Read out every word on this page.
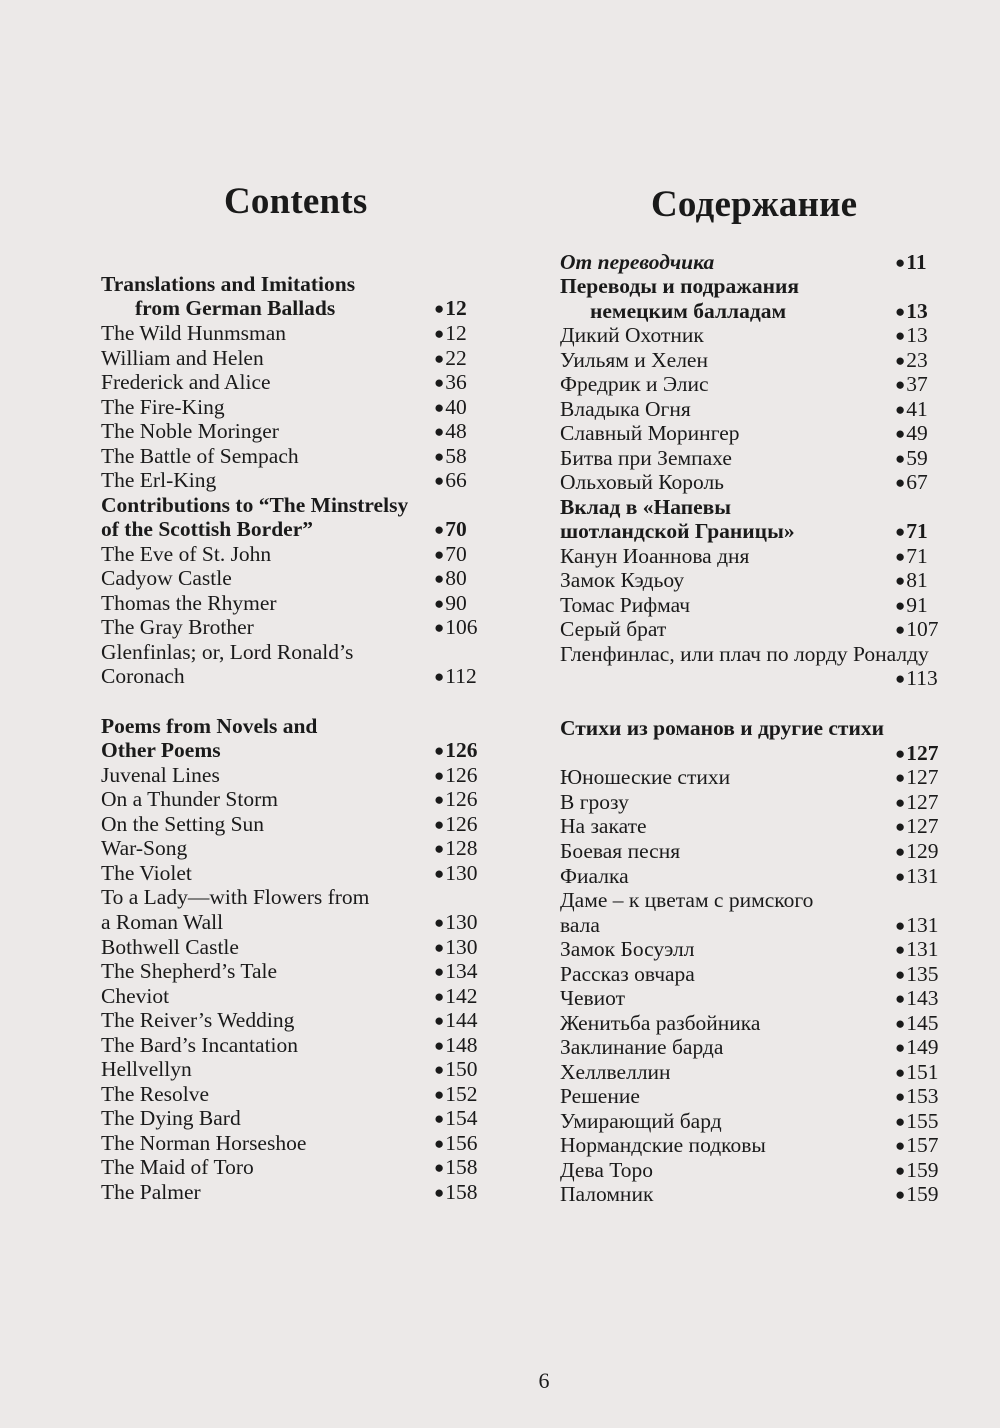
Contents	Содержание
Translations and Imitations
from German Ballads	●12
The Wild Hunmsman	●12
William and Helen	●22
Frederick and Alice	●36
The Fire-King	●40
The Noble Moringer	●48
The Battle of Sempach	●58
The Erl-King	●66
Contributions to “The Minstrelsy
of the Scottish Border”	●70
The Eve of St. John	●70
Cadyow Castle	●80
Thomas the Rhymer	●90
The Gray Brother	●106
Glenfinlas; or, Lord Ronald’s
Coronach	●112
Poems from Novels and
Other Poems	●126
Juvenal Lines	●126
On a Thunder Storm	●126
On the Setting Sun	●126
War-Song	●128
The Violet	●130
To a Lady—with Flowers from
a Roman Wall	●130
Bothwell Castle	●130
The Shepherd’s Tale	●134
Cheviot	●142
The Reiver’s Wedding	●144
The Bard’s Incantation	●148
Hellvellyn	●150
The Resolve	●152
The Dying Bard	●154
The Norman Horseshoe	●156
The Maid of Toro	●158
The Palmer	●158
От переводчика	●11
Переводы и подражания
немецким балладам	●13
Дикий Охотник	●13
Уильям и Хелен	●23
Фредрик и Элис	●37
Владыка Огня	●41
Славный Морингер	●49
Битва при Земпахе	●59
Ольховый Король	●67
Вклад в «Напевы
шотландской Границы»	●71
Канун Иоаннова дня	●71
Замок Кэдьоу	●81
Томас Рифмач	●91
Серый брат	●107
Гленфинлас, или плач по лорду Роналду
●113
Стихи из романов и другие стихи
●127
Юношеские стихи	●127
В грозу	●127
На закате	●127
Боевая песня	●129
Фиалка	●131
Даме – к цветам с римского
вала	●131
Замок Босуэлл	●131
Рассказ овчара	●135
Чевиот	●143
Женитьба разбойника	●145
Заклинание барда	●149
Хеллвеллин	●151
Решение	●153
Умирающий бард	●155
Нормандские подковы	●157
Дева Торо	●159
Паломник	●159
6
